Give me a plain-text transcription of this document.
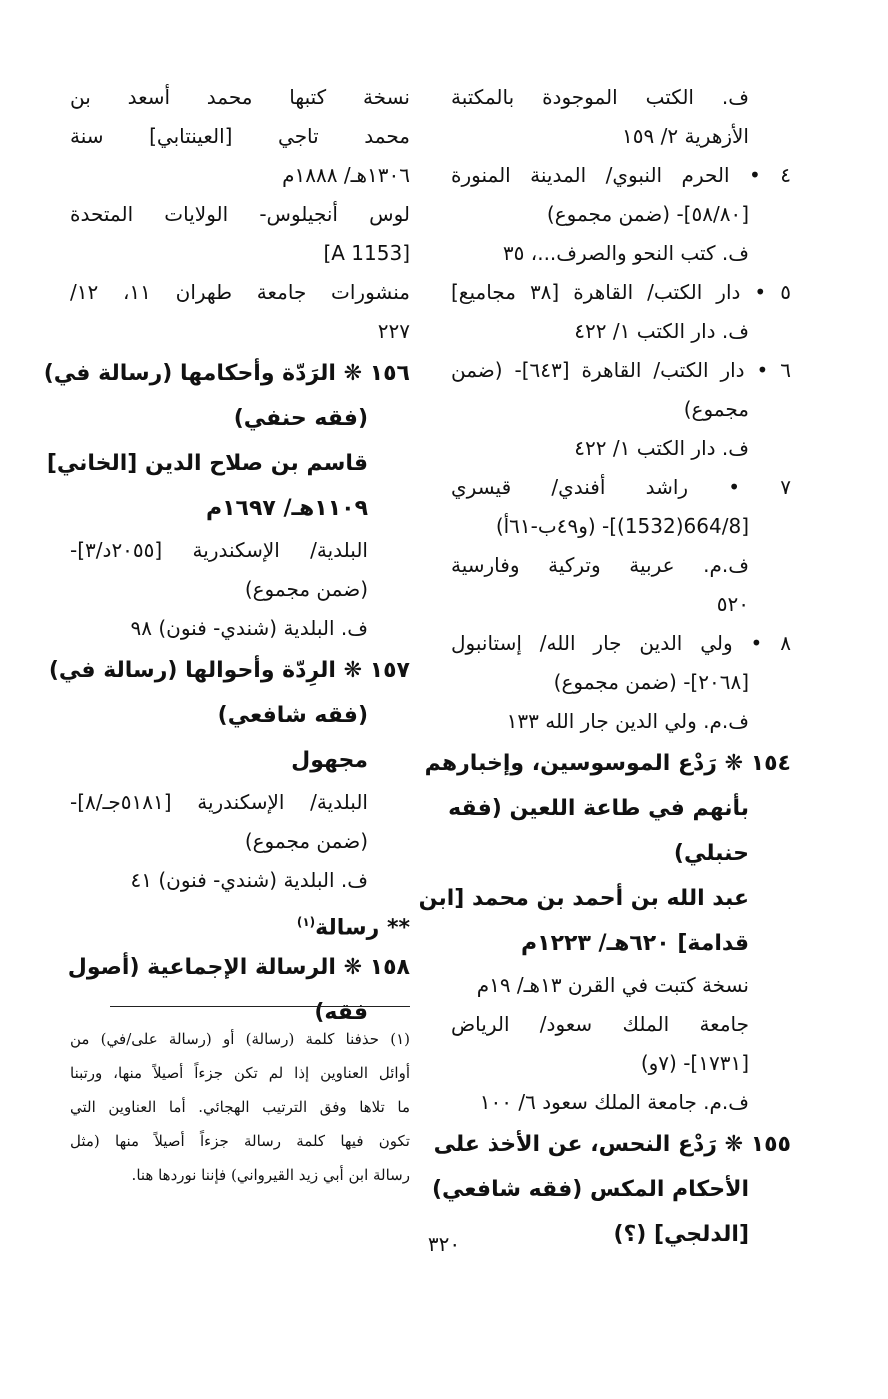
ف. الكتب الموجودة بالمكتبة
الأزهرية ٢/ ١٥٩
٤ • الحرم النبوي/ المدينة المنورة
[٥٨/٨٠]- (ضمن مجموع)
ف. كتب النحو والصرف...، ٣٥
٥ • دار الكتب/ القاهرة [٣٨ مجاميع]
ف. دار الكتب ١/ ٤٢٢
٦ • دار الكتب/ القاهرة [٦٤٣]- (ضمن
مجموع)
ف. دار الكتب ١/ ٤٢٢
٧ • راشد أفندي/ قيسري
[664/8(1532)]- (و٤٩ب-٦١أ)
ف.م. عربية وتركية وفارسية
٥٢٠
٨ • ولي الدين جار الله/ إستانبول
[٢٠٦٨]- (ضمن مجموع)
ف.م. ولي الدين جار الله ١٣٣
١٥٤ ❋ رَدْع الموسوسين، وإخبارهم
بأنهم في طاعة اللعين (فقه
حنبلي)
عبد الله بن أحمد بن محمد [ابن
قدامة] ٦٢٠هـ/ ١٢٢٣م
نسخة كتبت في القرن ١٣هـ/ ١٩م
جامعة الملك سعود/ الرياض
[١٧٣١]- (٧و)
ف.م. جامعة الملك سعود ٦/ ١٠٠
١٥٥ ❋ رَدْع النحس، عن الأخذ على
الأحكام المكس (فقه شافعي)
[الدلجي] (؟)
نسخة كتبها محمد أسعد بن
محمد تاجي [العينتابي] سنة
١٣٠٦هـ/ ١٨٨٨م
لوس أنجيلوس- الولايات المتحدة
[A 1153]
منشورات جامعة طهران ١١، ١٢/
٢٢٧
١٥٦ ❋ الرَدّة وأحكامها (رسالة في)
(فقه حنفي)
قاسم بن صلاح الدين [الخاني]
١١٠٩هـ/ ١٦٩٧م
البلدية/ الإسكندرية [٢٠٥٥د/٣]-
(ضمن مجموع)
ف. البلدية (شندي- فنون) ٩٨
١٥٧ ❋ الرِدّة وأحوالها (رسالة في)
(فقه شافعي)
مجهول
البلدية/ الإسكندرية [٥١٨١جـ/٨]-
(ضمن مجموع)
ف. البلدية (شندي- فنون) ٤١
** رسالة$^{(١)}$
١٥٨ ❋ الرسالة الإجماعية (أصول
فقه)
(١) حذفنا كلمة (رسالة) أو (رسالة على/في) من
أوائل العناوين إذا لم تكن جزءاً أصيلاً منها، ورتبنا
ما تلاها وفق الترتيب الهجائي. أما العناوين التي
تكون فيها كلمة رسالة جزءاً أصيلاً منها (مثل
رسالة ابن أبي زيد القيرواني) فإننا نوردها هنا.
٣٢٠
